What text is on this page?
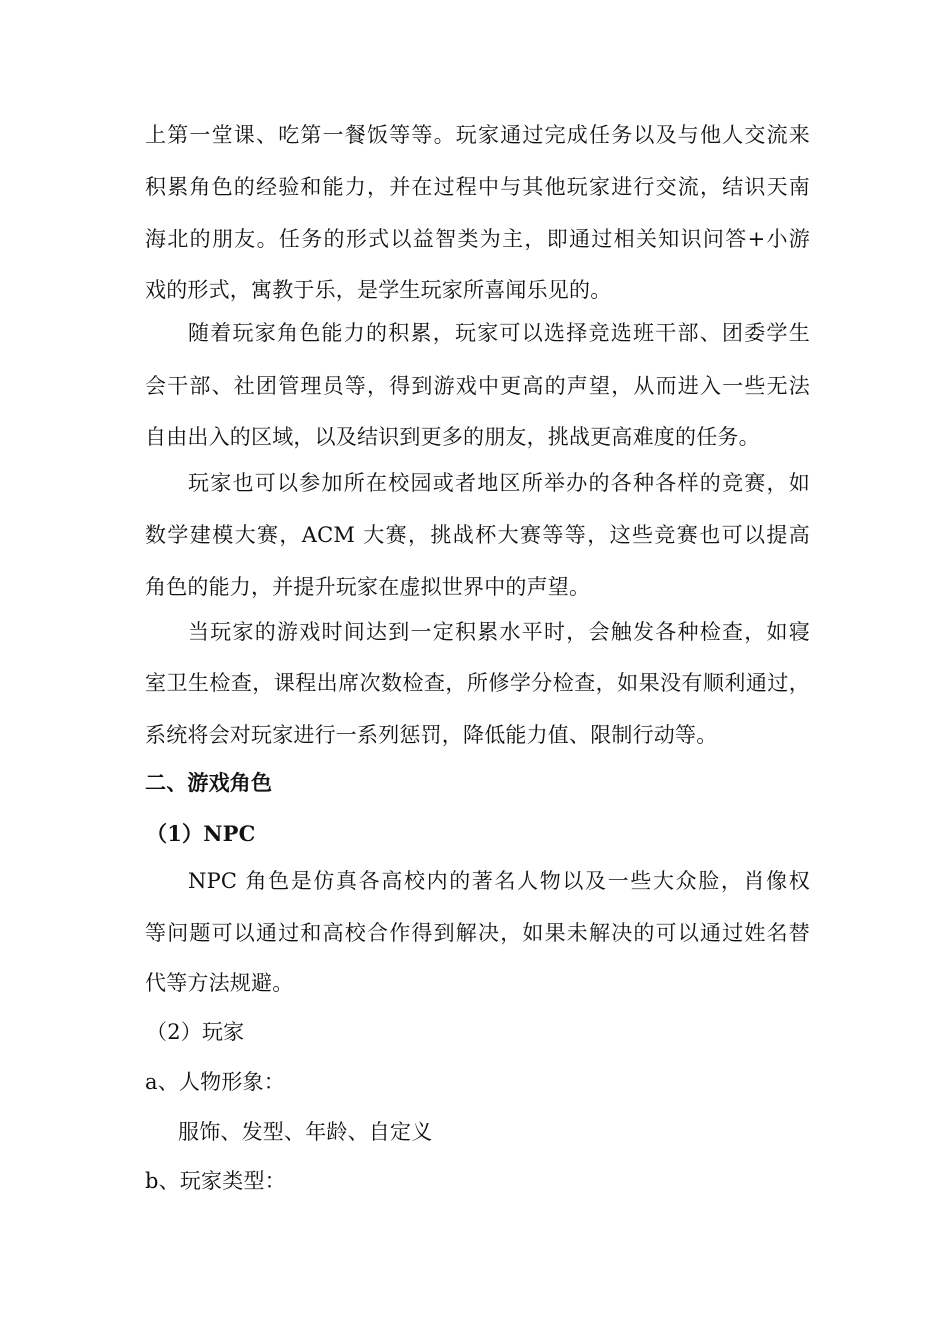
上第一堂课、吃第一餐饭等等。玩家通过完成任务以及与他人交流来
积累角色的经验和能力，并在过程中与其他玩家进行交流，结识天南
海北的朋友。任务的形式以益智类为主，即通过相关知识问答+小游
戏的形式，寓教于乐，是学生玩家所喜闻乐见的。
随着玩家角色能力的积累，玩家可以选择竞选班干部、团委学生
会干部、社团管理员等，得到游戏中更高的声望，从而进入一些无法
自由出入的区域，以及结识到更多的朋友，挑战更高难度的任务。
玩家也可以参加所在校园或者地区所举办的各种各样的竞赛，如
数学建模大赛，ACM 大赛，挑战杯大赛等等，这些竞赛也可以提高
角色的能力，并提升玩家在虚拟世界中的声望。
当玩家的游戏时间达到一定积累水平时，会触发各种检查，如寝
室卫生检查，课程出席次数检查，所修学分检查，如果没有顺利通过，
系统将会对玩家进行一系列惩罚，降低能力值、限制行动等。
二、游戏角色
（1）NPC
NPC 角色是仿真各高校内的著名人物以及一些大众脸，肖像权
等问题可以通过和高校合作得到解决，如果未解决的可以通过姓名替
代等方法规避。
（2）玩家
a、人物形象：
服饰、发型、年龄、自定义
b、玩家类型：
